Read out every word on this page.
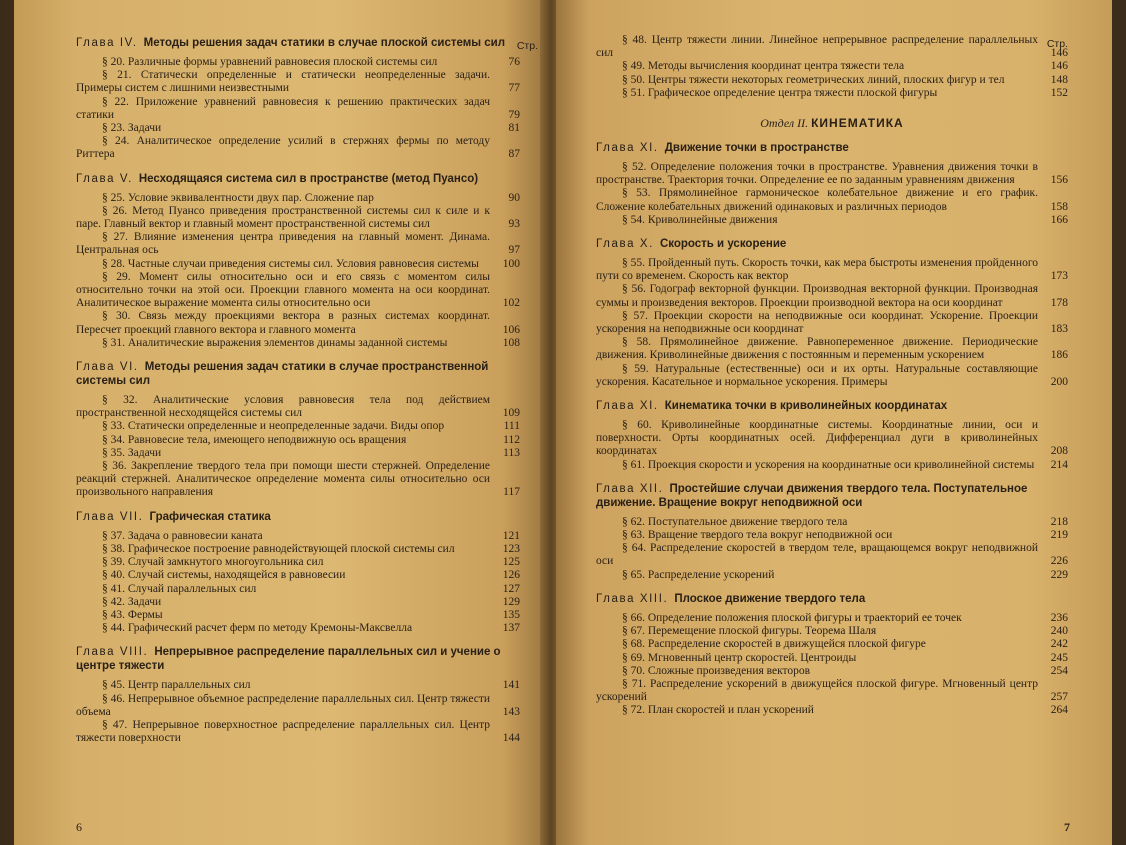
Стр.
Глава IV. Методы решения задач статики в случае плоской системы сил
§ 20. Различные формы уравнений равновесия плоской системы сил	76
§ 21. Статически определенные и статически неопределенные задачи. Примеры систем с лишними неизвестными	77
§ 22. Приложение уравнений равновесия к решению практических задач статики	79
§ 23. Задачи	81
§ 24. Аналитическое определение усилий в стержнях фермы по методу Риттера	87
Глава V. Несходящаяся система сил в пространстве (метод Пуансо)
§ 25. Условие эквивалентности двух пар. Сложение пар	90
§ 26. Метод Пуансо приведения пространственной системы сил к силе и к паре. Главный вектор и главный момент пространственной системы сил	93
§ 27. Влияние изменения центра приведения на главный момент. Динама. Центральная ось	97
§ 28. Частные случаи приведения системы сил. Условия равновесия системы	100
§ 29. Момент силы относительно оси и его связь с моментом силы относительно точки на этой оси. Проекции главного момента на оси координат. Аналитическое выражение момента силы относительно оси	102
§ 30. Связь между проекциями вектора в разных системах координат. Пересчет проекций главного вектора и главного момента	106
§ 31. Аналитические выражения элементов динамы заданной системы	108
Глава VI. Методы решения задач статики в случае пространственной системы сил
§ 32. Аналитические условия равновесия тела под действием пространственной несходящейся системы сил	109
§ 33. Статически определенные и неопределенные задачи. Виды опор	111
§ 34. Равновесие тела, имеющего неподвижную ось вращения	112
§ 35. Задачи	113
§ 36. Закрепление твердого тела при помощи шести стержней. Определение реакций стержней. Аналитическое определение момента силы относительно оси произвольного направления	117
Глава VII. Графическая статика
§ 37. Задача о равновесии каната	121
§ 38. Графическое построение равнодействующей плоской системы сил	123
§ 39. Случай замкнутого многоугольника сил	125
§ 40. Случай системы, находящейся в равновесии	126
§ 41. Случай параллельных сил	127
§ 42. Задачи	129
§ 43. Фермы	135
§ 44. Графический расчет ферм по методу Кремоны-Максвелла	137
Глава VIII. Непрерывное распределение параллельных сил и учение о центре тяжести
§ 45. Центр параллельных сил	141
§ 46. Непрерывное объемное распределение параллельных сил. Центр тяжести объема	143
§ 47. Непрерывное поверхностное распределение параллельных сил. Центр тяжести поверхности	144
6
Стр.
§ 48. Центр тяжести линии. Линейное непрерывное распределение параллельных сил	146
§ 49. Методы вычисления координат центра тяжести тела	146
§ 50. Центры тяжести некоторых геометрических линий, плоских фигур и тел	148
§ 51. Графическое определение центра тяжести плоской фигуры	152
Отдел II. КИНЕМАТИКА
Глава XI. Движение точки в пространстве
§ 52. Определение положения точки в пространстве. Уравнения движения точки в пространстве. Траектория точки. Определение ее по заданным уравнениям движения	156
§ 53. Прямолинейное гармоническое колебательное движение и его график. Сложение колебательных движений одинаковых и различных периодов	158
§ 54. Криволинейные движения	166
Глава X. Скорость и ускорение
§ 55. Пройденный путь. Скорость точки, как мера быстроты изменения пройденного пути со временем. Скорость как вектор	173
§ 56. Годограф векторной функции. Производная векторной функции. Производная суммы и произведения векторов. Проекции производной вектора на оси координат	178
§ 57. Проекции скорости на неподвижные оси координат. Ускорение. Проекции ускорения на неподвижные оси координат	183
§ 58. Прямолинейное движение. Равнопеременное движение. Периодические движения. Криволинейные движения с постоянным и переменным ускорением	186
§ 59. Натуральные (естественные) оси и их орты. Натуральные составляющие ускорения. Касательное и нормальное ускорения. Примеры	200
Глава XI. Кинематика точки в криволинейных координатах
§ 60. Криволинейные координатные системы. Координатные линии, оси и поверхности. Орты координатных осей. Дифференциал дуги в криволинейных координатах	208
§ 61. Проекция скорости и ускорения на координатные оси криволинейной системы	214
Глава XII. Простейшие случаи движения твердого тела. Поступательное движение. Вращение вокруг неподвижной оси
§ 62. Поступательное движение твердого тела	218
§ 63. Вращение твердого тела вокруг неподвижной оси	219
§ 64. Распределение скоростей в твердом теле, вращающемся вокруг неподвижной оси	226
§ 65. Распределение ускорений	229
Глава XIII. Плоское движение твердого тела
§ 66. Определение положения плоской фигуры и траекторий ее точек	236
§ 67. Перемещение плоской фигуры. Теорема Шаля	240
§ 68. Распределение скоростей в движущейся плоской фигуре	242
§ 69. Мгновенный центр скоростей. Центроиды	245
§ 70. Сложные произведения векторов	254
§ 71. Распределение ускорений в движущейся плоской фигуре. Мгновенный центр ускорений	257
§ 72. План скоростей и план ускорений	264
7
